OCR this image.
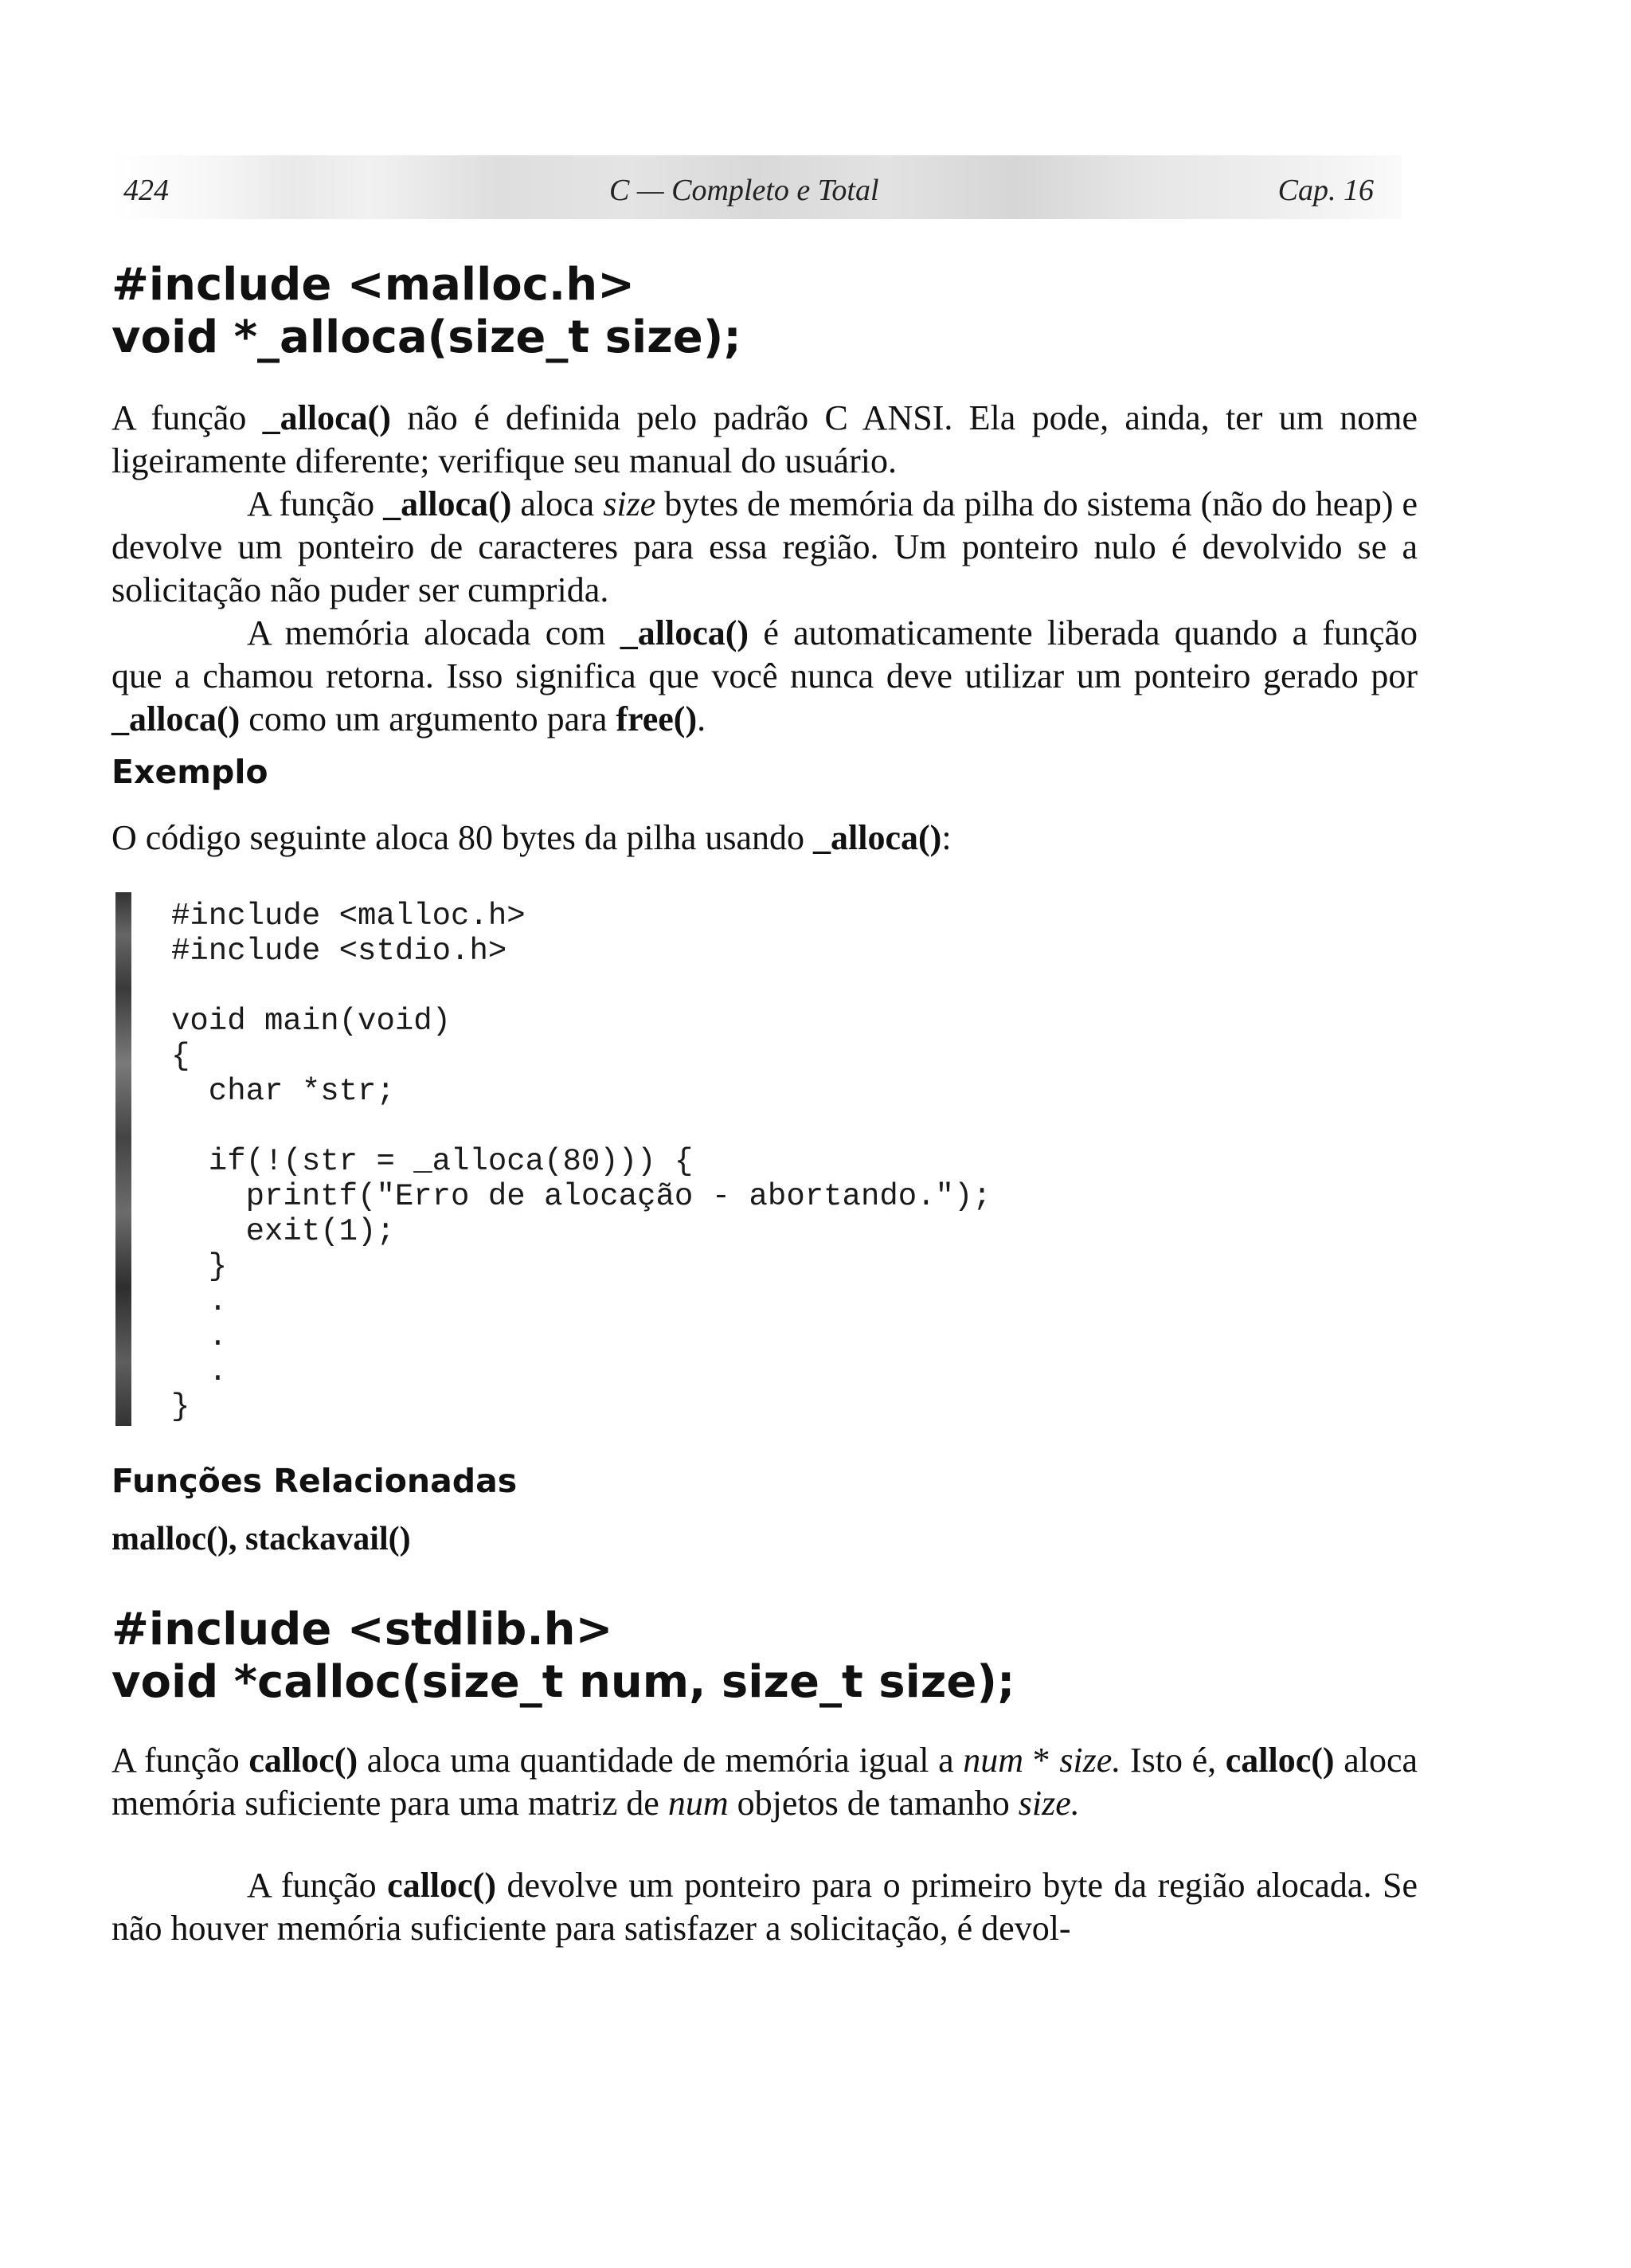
424	C — Completo e Total	Cap. 16

#include <malloc.h>

void *_alloca(size_t size);

A função _alloca() não é definida pelo padrão C ANSI. Ela pode, ainda, ter um nome ligeiramente diferente; verifique seu manual do usuário.

A função _alloca() aloca size bytes de memória da pilha do sistema (não do heap) e devolve um ponteiro de caracteres para essa região. Um ponteiro nulo é devolvido se a solicitação não puder ser cumprida.

A memória alocada com _alloca() é automaticamente liberada quando a função que a chamou retorna. Isso significa que você nunca deve utilizar um ponteiro gerado por _alloca() como um argumento para free().

Exemplo

O código seguinte aloca 80 bytes da pilha usando _alloca():

#include <malloc.h>
#include <stdio.h>

void main(void)
{
char *str;

if(!(str = _alloca(80))) {
printf("Erro de alocação - abortando.");
exit(1);
}
.
.
.
}
Funções Relacionadas

malloc(), stackavail()

#include <stdlib.h>

void *calloc(size_t num, size_t size);

A função calloc() aloca uma quantidade de memória igual a num * size. Isto é, calloc() aloca memória suficiente para uma matriz de num objetos de tamanho size.

A função calloc() devolve um ponteiro para o primeiro byte da região alocada. Se não houver memória suficiente para satisfazer a solicitação, é devol-
